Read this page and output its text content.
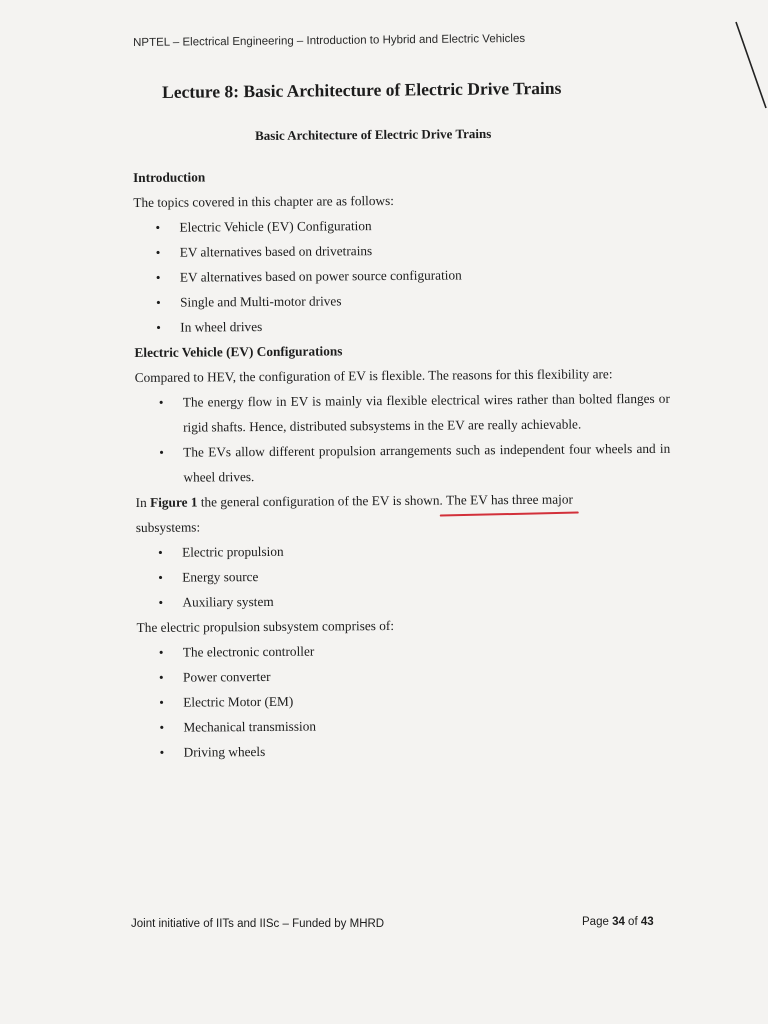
NPTEL – Electrical Engineering – Introduction to Hybrid and Electric Vehicles
Lecture 8: Basic Architecture of Electric Drive Trains
Basic Architecture of Electric Drive Trains

Introduction

The topics covered in this chapter are as follows:

• Electric Vehicle (EV) Configuration
• EV alternatives based on drivetrains
• EV alternatives based on power source configuration
• Single and Multi-motor drives
• In wheel drives

Electric Vehicle (EV) Configurations

Compared to HEV, the configuration of EV is flexible. The reasons for this flexibility are:

• The energy flow in EV is mainly via flexible electrical wires rather than bolted flanges or rigid shafts. Hence, distributed subsystems in the EV are really achievable.
• The EVs allow different propulsion arrangements such as independent four wheels and in wheel drives.

In Figure 1 the general configuration of the EV is shown. The EV has three major
subsystems:

• Electric propulsion
• Energy source
• Auxiliary system

The electric propulsion subsystem comprises of:

• The electronic controller
• Power converter
• Electric Motor (EM)
• Mechanical transmission
• Driving wheels
Joint initiative of IITs and IISc – Funded by MHRD	Page 34 of 43
